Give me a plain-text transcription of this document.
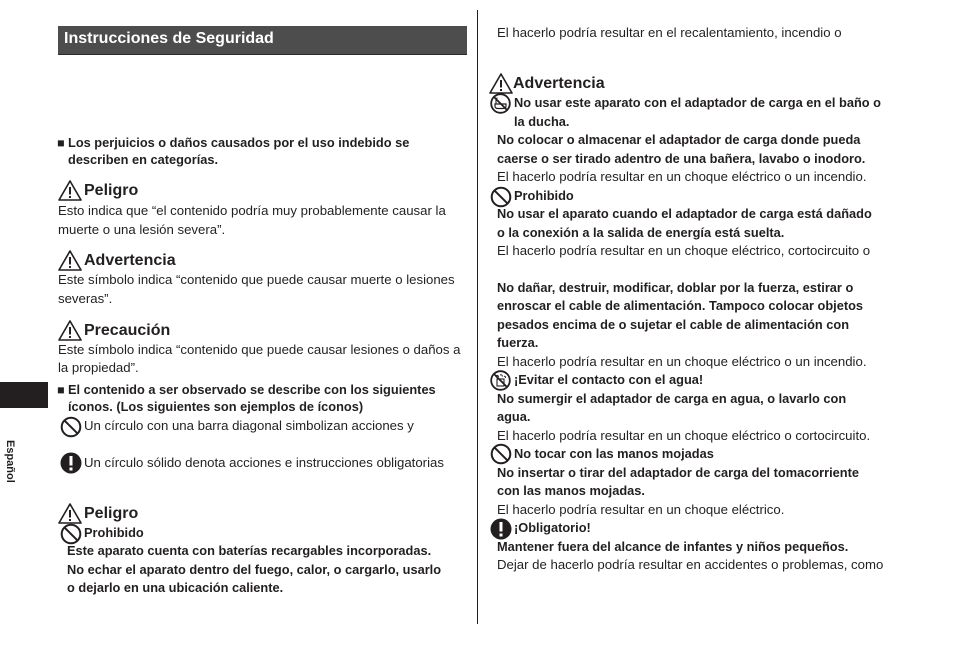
Instrucciones de Seguridad
Español
■ Los perjuicios o daños causados por el uso indebido se
describen en categorías.
Peligro
Esto indica que “el contenido podría muy probablemente causar la
muerte o una lesión severa”.
Advertencia
Este símbolo indica “contenido que puede causar muerte o lesiones
severas”.
Precaución
Este símbolo indica “contenido que puede causar lesiones o daños a
la propiedad”.
■ El contenido a ser observado se describe con los siguientes
íconos. (Los siguientes son ejemplos de íconos)
Un círculo con una barra diagonal simbolizan acciones y
Un círculo sólido denota acciones e instrucciones obligatorias
Peligro
Prohibido
Este aparato cuenta con baterías recargables incorporadas.
No echar el aparato dentro del fuego, calor, o cargarlo, usarlo
o dejarlo en una ubicación caliente.
El hacerlo podría resultar en el recalentamiento, incendio o
Advertencia
No usar este aparato con el adaptador de carga en el baño o
la ducha.
No colocar o almacenar el adaptador de carga donde pueda
caerse o ser tirado adentro de una bañera, lavabo o inodoro.
El hacerlo podría resultar en un choque eléctrico o un incendio.
Prohibido
No usar el aparato cuando el adaptador de carga está dañado
o la conexión a la salida de energía está suelta.
El hacerlo podría resultar en un choque eléctrico, cortocircuito o
No dañar, destruir, modificar, doblar por la fuerza, estirar o
enroscar el cable de alimentación. Tampoco colocar objetos
pesados encima de o sujetar el cable de alimentación con
fuerza.
El hacerlo podría resultar en un choque eléctrico o un incendio.
¡Evitar el contacto con el agua!
No sumergir el adaptador de carga en agua, o lavarlo con
agua.
El hacerlo podría resultar en un choque eléctrico o cortocircuito.
No tocar con las manos mojadas
No insertar o tirar del adaptador de carga del tomacorriente
con las manos mojadas.
El hacerlo podría resultar en un choque eléctrico.
¡Obligatorio!
Mantener fuera del alcance de infantes y niños pequeños.
Dejar de hacerlo podría resultar en accidentes o problemas, como
